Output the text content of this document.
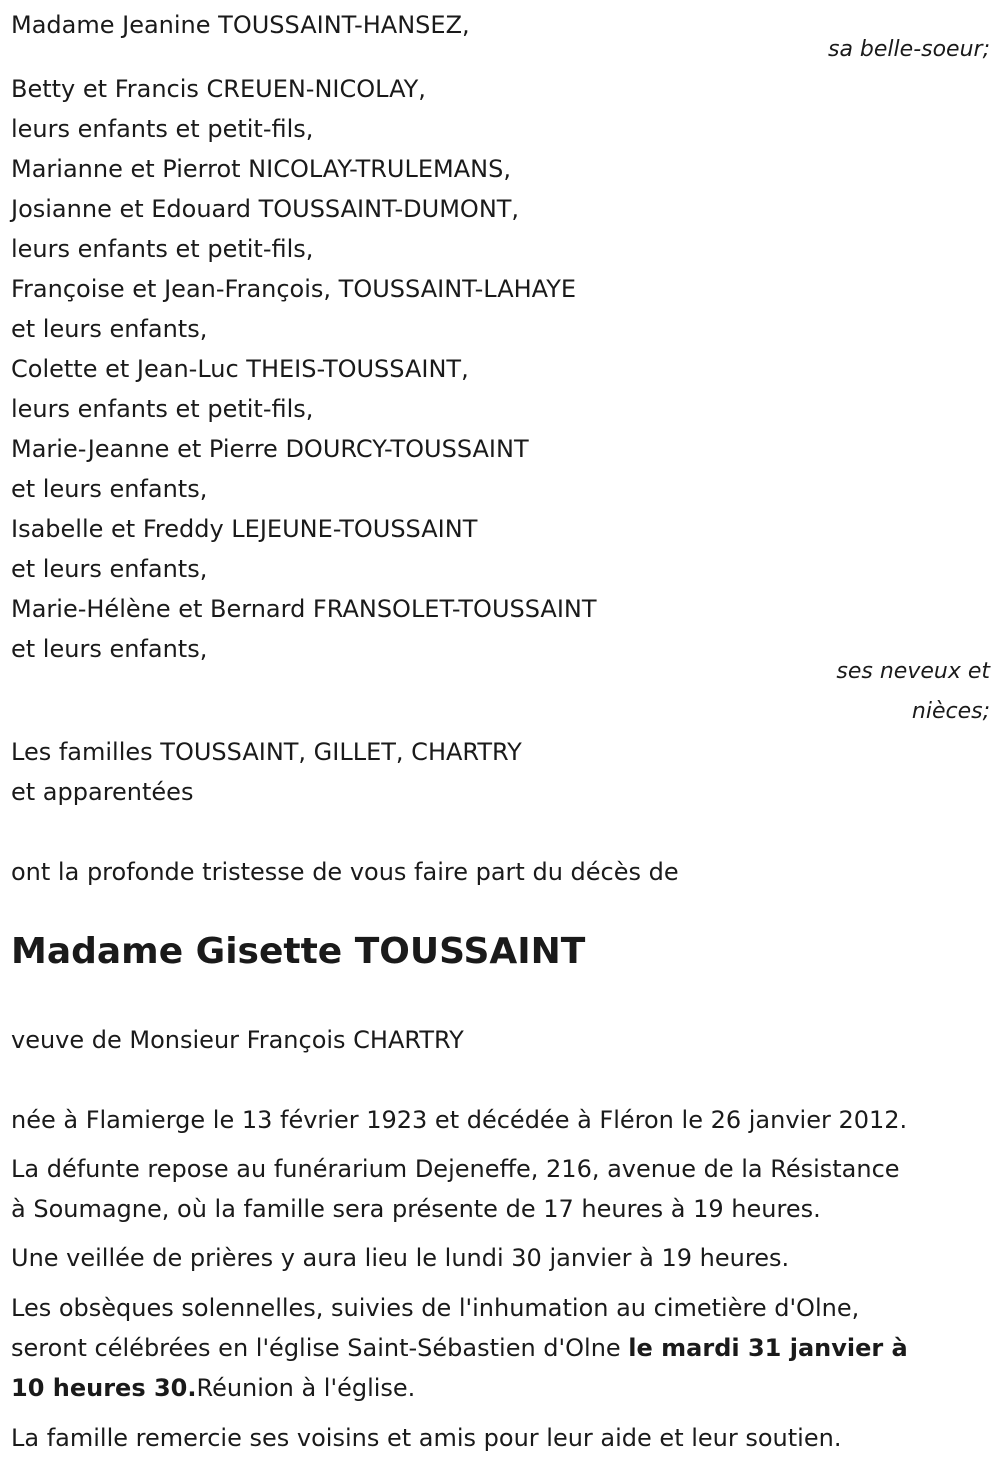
Madame Jeanine TOUSSAINT-HANSEZ,
sa belle-soeur;
Betty et Francis CREUEN-NICOLAY,
leurs enfants et petit-fils,
Marianne et Pierrot NICOLAY-TRULEMANS,
Josianne et Edouard TOUSSAINT-DUMONT,
leurs enfants et petit-fils,
Françoise et Jean-François, TOUSSAINT-LAHAYE
et leurs enfants,
Colette et Jean-Luc THEIS-TOUSSAINT,
leurs enfants et petit-fils,
Marie-Jeanne et Pierre DOURCY-TOUSSAINT
et leurs enfants,
Isabelle et Freddy LEJEUNE-TOUSSAINT
et leurs enfants,
Marie-Hélène et Bernard FRANSOLET-TOUSSAINT
et leurs enfants,
ses neveux et
nièces;
Les familles TOUSSAINT, GILLET, CHARTRY
et apparentées
ont la profonde tristesse de vous faire part du décès de
Madame Gisette TOUSSAINT
veuve de Monsieur François CHARTRY
née à Flamierge le 13 février 1923 et décédée à Fléron le 26 janvier 2012.
La défunte repose au funérarium Dejeneffe, 216, avenue de la Résistance
à Soumagne, où la famille sera présente de 17 heures à 19 heures.
Une veillée de prières y aura lieu le lundi 30 janvier à 19 heures.
Les obsèques solennelles, suivies de l'inhumation au cimetière d'Olne,
seront célébrées en l'église Saint-Sébastien d'Olne le mardi 31 janvier à
10 heures 30.Réunion à l'église.
La famille remercie ses voisins et amis pour leur aide et leur soutien.
